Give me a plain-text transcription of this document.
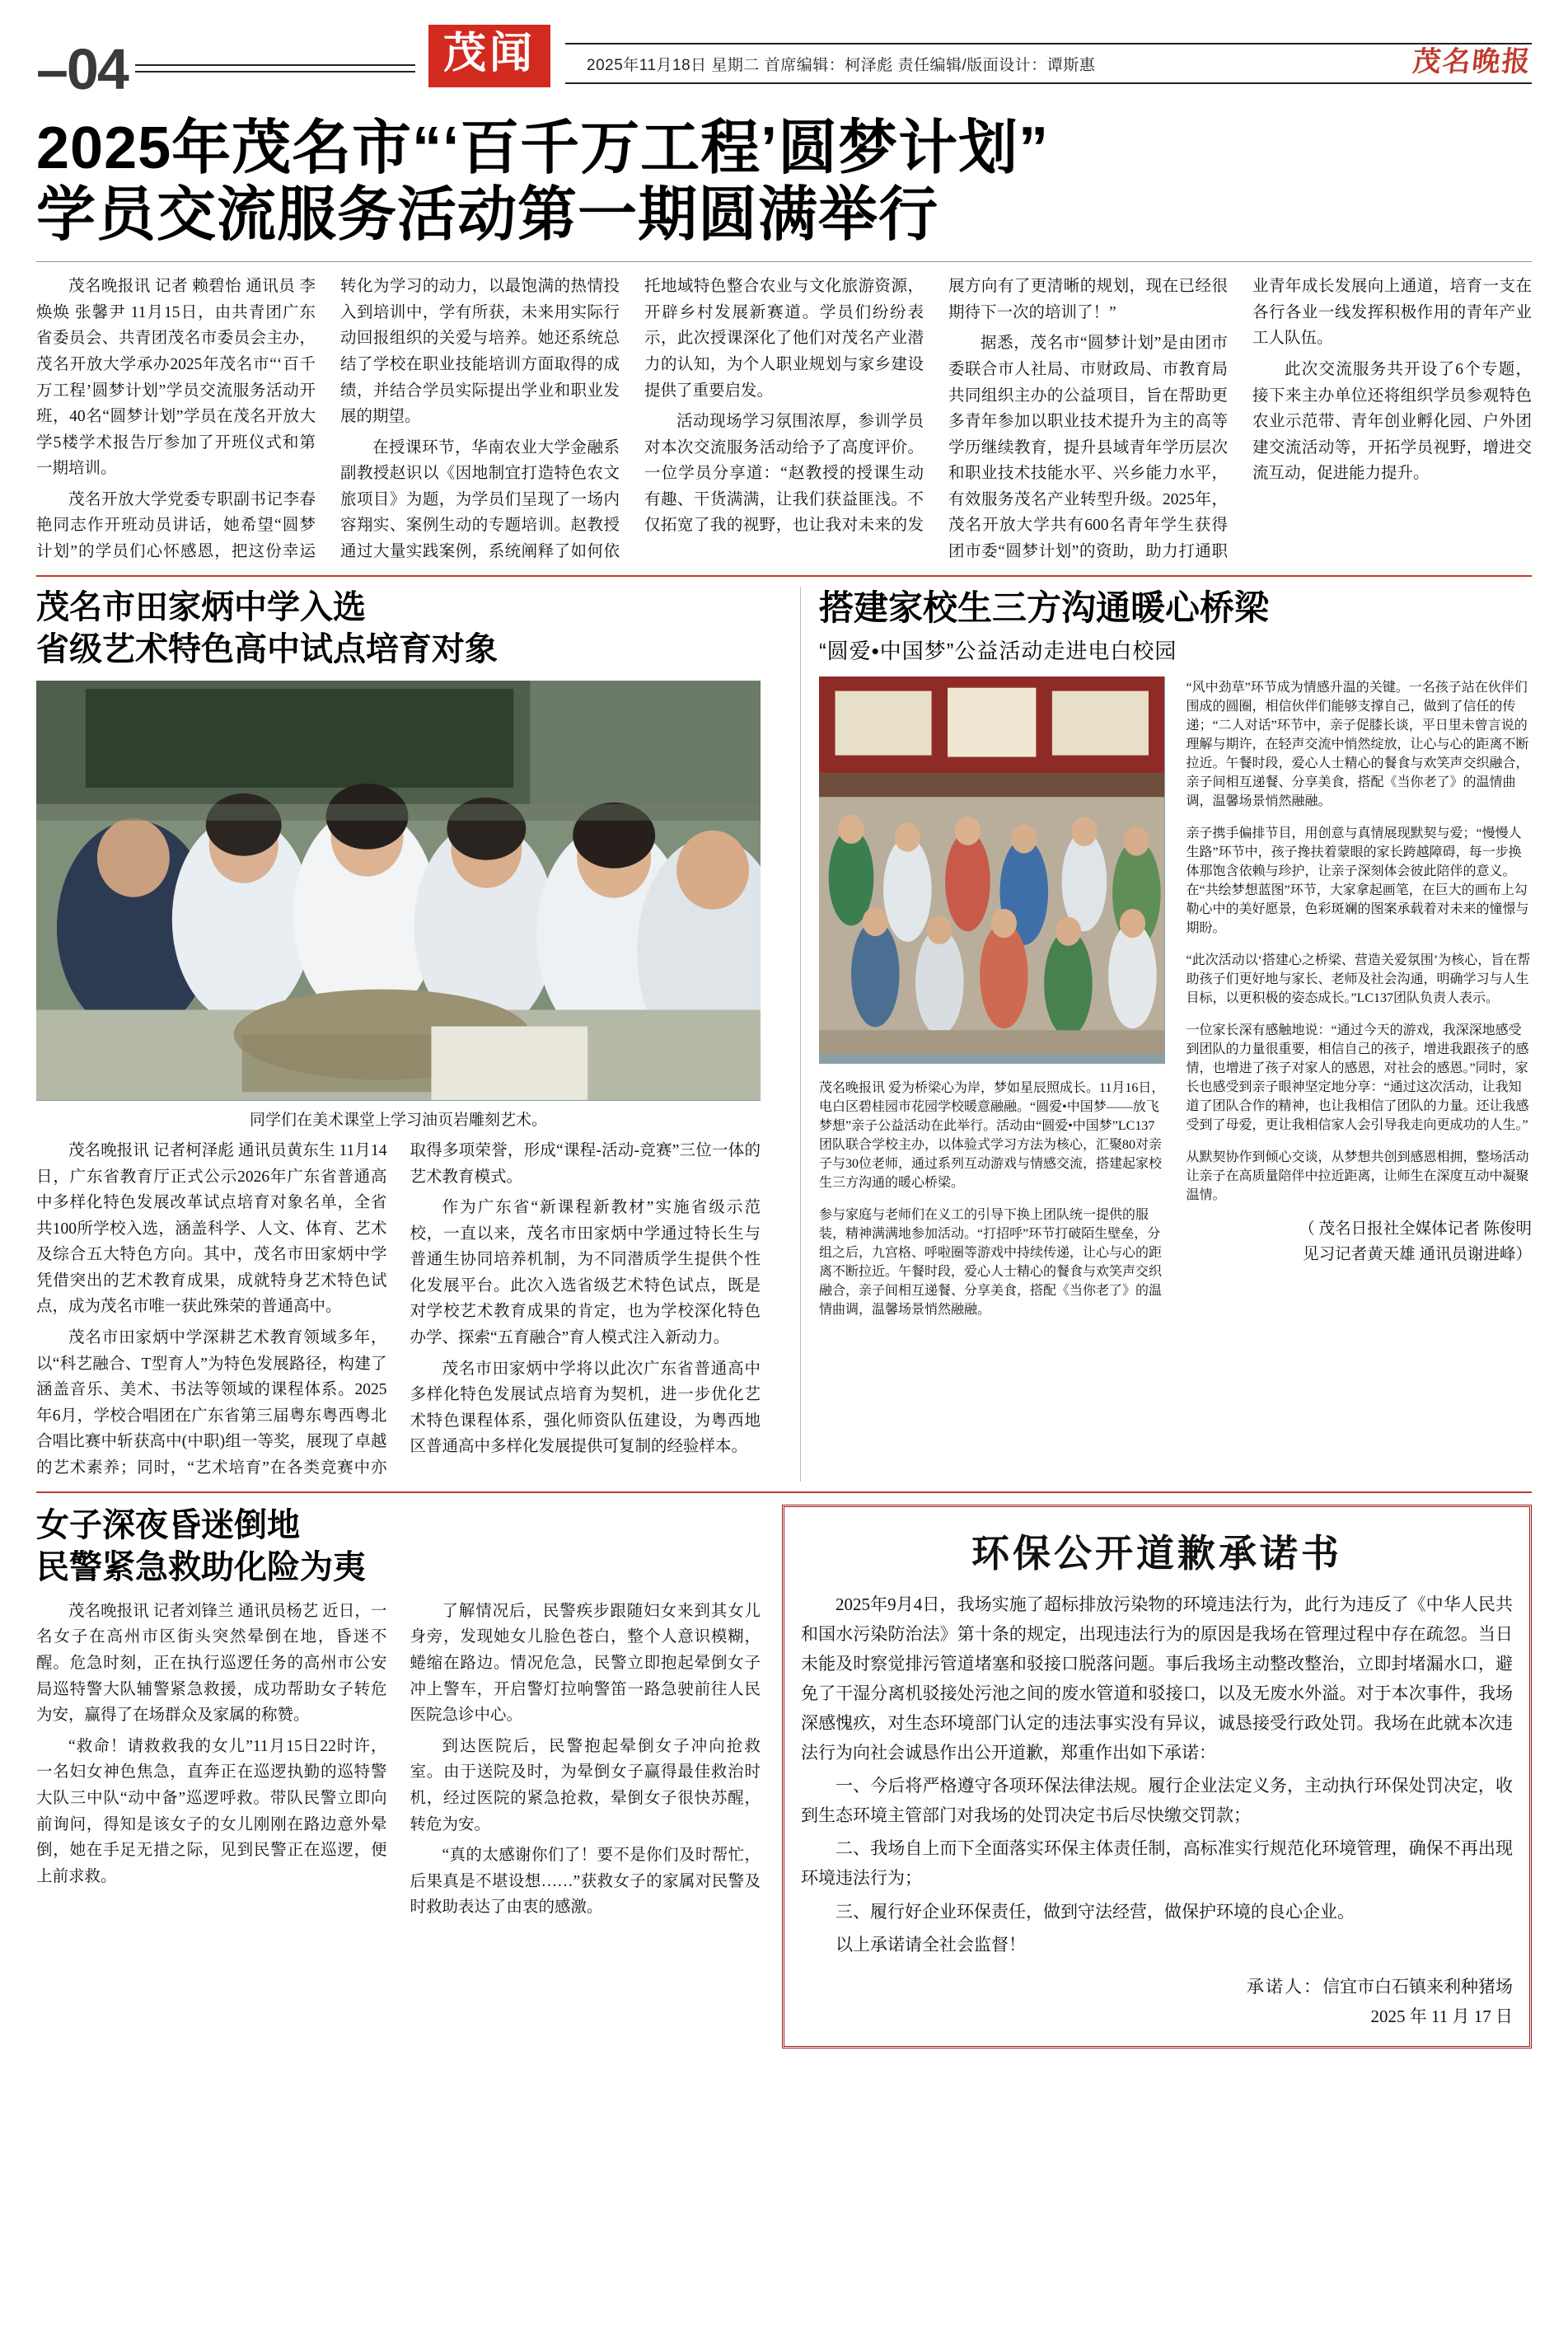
–04	茂闻	2025年11月18日 星期二 首席编辑：柯泽彪 责任编辑/版面设计：谭斯惠	茂名晚报
2025年茂名市“‘百千万工程’圆梦计划”
学员交流服务活动第一期圆满举行

茂名晚报讯 记者 赖碧怡 通讯员 李焕焕 张馨尹 11月15日，由共青团广东省委员会、共青团茂名市委员会主办，茂名开放大学承办2025年茂名市“‘百千万工程’圆梦计划”学员交流服务活动开班，40名“圆梦计划”学员在茂名开放大学5楼学术报告厅参加了开班仪式和第一期培训。

茂名开放大学党委专职副书记李春艳同志作开班动员讲话，她希望“圆梦计划”的学员们心怀感恩，把这份幸运转化为学习的动力，以最饱满的热情投入到培训中，学有所获，未来用实际行动回报组织的关爱与培养。她还系统总结了学校在职业技能培训方面取得的成绩，并结合学员实际提出学业和职业发展的期望。

在授课环节，华南农业大学金融系副教授赵识以《因地制宜打造特色农文旅项目》为题，为学员们呈现了一场内容翔实、案例生动的专题培训。赵教授通过大量实践案例，系统阐释了如何依托地域特色整合农业与文化旅游资源，开辟乡村发展新赛道。学员们纷纷表示，此次授课深化了他们对茂名产业潜力的认知，为个人职业规划与家乡建设提供了重要启发。

活动现场学习氛围浓厚，参训学员对本次交流服务活动给予了高度评价。一位学员分享道：“赵教授的授课生动有趣、干货满满，让我们获益匪浅。不仅拓宽了我的视野，也让我对未来的发展方向有了更清晰的规划，现在已经很期待下一次的培训了！”

据悉，茂名市“圆梦计划”是由团市委联合市人社局、市财政局、市教育局共同组织主办的公益项目，旨在帮助更多青年参加以职业技术提升为主的高等学历继续教育，提升县域青年学历层次和职业技术技能水平、兴乡能力水平，有效服务茂名产业转型升级。2025年，茂名开放大学共有600名青年学生获得团市委“圆梦计划”的资助，助力打通职业青年成长发展向上通道，培育一支在各行各业一线发挥积极作用的青年产业工人队伍。

此次交流服务共开设了6个专题，接下来主办单位还将组织学员参观特色农业示范带、青年创业孵化园、户外团建交流活动等，开拓学员视野，增进交流互动，促进能力提升。

茂名市田家炳中学入选
省级艺术特色高中试点培育对象
同学们在美术课堂上学习油页岩雕刻艺术。

茂名晚报讯 记者柯泽彪 通讯员黄东生 11月14日，广东省教育厅正式公示2026年广东省普通高中多样化特色发展改革试点培育对象名单，全省共100所学校入选，涵盖科学、人文、体育、艺术及综合五大特色方向。其中，茂名市田家炳中学凭借突出的艺术教育成果，成就特身艺术特色试点，成为茂名市唯一获此殊荣的普通高中。

茂名市田家炳中学深耕艺术教育领域多年，以“科艺融合、T型育人”为特色发展路径，构建了涵盖音乐、美术、书法等领域的课程体系。2025年6月，学校合唱团在广东省第三届粤东粤西粤北合唱比赛中斩获高中(中职)组一等奖，展现了卓越的艺术素养；同时，“艺术培育”在各类竞赛中亦取得多项荣誉，形成“课程-活动-竞赛”三位一体的艺术教育模式。

作为广东省“新课程新教材”实施省级示范校，一直以来，茂名市田家炳中学通过特长生与普通生协同培养机制，为不同潜质学生提供个性化发展平台。此次入选省级艺术特色试点，既是对学校艺术教育成果的肯定，也为学校深化特色办学、探索“五育融合”育人模式注入新动力。

茂名市田家炳中学将以此次广东省普通高中多样化特色发展试点培育为契机，进一步优化艺术特色课程体系，强化师资队伍建设，为粤西地区普通高中多样化发展提供可复制的经验样本。

搭建家校生三方沟通暖心桥梁
“圆爱•中国梦”公益活动走进电白校园

茂名晚报讯 爱为桥梁心为岸，梦如星辰照成长。11月16日，电白区碧桂园市花园学校暖意融融。“圆爱•中国梦——放飞梦想”亲子公益活动在此举行。活动由“圆爱•中国梦”LC137团队联合学校主办，以体验式学习方法为核心，汇聚80对亲子与30位老师，通过系列互动游戏与情感交流，搭建起家校生三方沟通的暖心桥梁。

参与家庭与老师们在义工的引导下换上团队统一提供的服装，精神满满地参加活动。“打招呼”环节打破陌生壁垒，分组之后，九宫格、呼啦圈等游戏中持续传递，让心与心的距离不断拉近。午餐时段，爱心人士精心的餐食与欢笑声交织融合，亲子间相互递餐、分享美食，搭配《当你老了》的温情曲调，温馨场景悄然融融。

“风中劲草”环节成为情感升温的关键。一名孩子站在伙伴们围成的圆圈，相信伙伴们能够支撑自己，做到了信任的传递；“二人对话”环节中，亲子促膝长谈，平日里未曾言说的理解与期许，在轻声交流中悄然绽放，让心与心的距离不断拉近。午餐时段，爱心人士精心的餐食与欢笑声交织融合，亲子间相互递餐、分享美食，搭配《当你老了》的温情曲调，温馨场景悄然融融。

亲子携手偏排节目，用创意与真情展现默契与爱；“慢慢人生路”环节中，孩子搀扶着蒙眼的家长跨越障碍，每一步换体那饱含依赖与珍护，让亲子深刻体会彼此陪伴的意义。在“共绘梦想蓝图”环节，大家拿起画笔，在巨大的画布上勾勒心中的美好愿景，色彩斑斓的图案承载着对未来的憧憬与期盼。

“此次活动以‘搭建心之桥梁、营造关爱氛围’为核心，旨在帮助孩子们更好地与家长、老师及社会沟通，明确学习与人生目标，以更积极的姿态成长。”LC137团队负责人表示。

一位家长深有感触地说：“通过今天的游戏，我深深地感受到团队的力量很重要，相信自己的孩子，增进我跟孩子的感情，也增进了孩子对家人的感恩，对社会的感恩。”同时，家长也感受到亲子眼神坚定地分享：“通过这次活动，让我知道了团队合作的精神，也让我相信了团队的力量。还让我感受到了母爱，更让我相信家人会引导我走向更成功的人生。”

从默契协作到倾心交谈，从梦想共创到感恩相拥，整场活动让亲子在高质量陪伴中拉近距离，让师生在深度互动中凝聚温情。

（ 茂名日报社全媒体记者 陈俊明
见习记者黄天雄 通讯员谢进峰）
女子深夜昏迷倒地
民警紧急救助化险为夷

茂名晚报讯 记者刘锋兰 通讯员杨艺 近日，一名女子在高州市区街头突然晕倒在地，昏迷不醒。危急时刻，正在执行巡逻任务的高州市公安局巡特警大队辅警紧急救援，成功帮助女子转危为安，赢得了在场群众及家属的称赞。

“救命！请救救我的女儿”11月15日22时许，一名妇女神色焦急，直奔正在巡逻执勤的巡特警大队三中队“动中备”巡逻呼救。带队民警立即向前询问，得知是该女子的女儿刚刚在路边意外晕倒，她在手足无措之际，见到民警正在巡逻，便上前求救。

了解情况后，民警疾步跟随妇女来到其女儿身旁，发现她女儿脸色苍白，整个人意识模糊，蜷缩在路边。情况危急，民警立即抱起晕倒女子冲上警车，开启警灯拉响警笛一路急驶前往人民医院急诊中心。

到达医院后，民警抱起晕倒女子冲向抢救室。由于送院及时，为晕倒女子赢得最佳救治时机，经过医院的紧急抢救，晕倒女子很快苏醒，转危为安。

“真的太感谢你们了！要不是你们及时帮忙，后果真是不堪设想……”获救女子的家属对民警及时救助表达了由衷的感激。

环保公开道歉承诺书

2025年9月4日，我场实施了超标排放污染物的环境违法行为，此行为违反了《中华人民共和国水污染防治法》第十条的规定，出现违法行为的原因是我场在管理过程中存在疏忽。当日未能及时察觉排污管道堵塞和驳接口脱落问题。事后我场主动整改整治，立即封堵漏水口，避免了干湿分离机驳接处污池之间的废水管道和驳接口，以及无废水外溢。对于本次事件，我场深感愧疚，对生态环境部门认定的违法事实没有异议，诚恳接受行政处罚。我场在此就本次违法行为向社会诚恳作出公开道歉，郑重作出如下承诺：

一、今后将严格遵守各项环保法律法规。履行企业法定义务，主动执行环保处罚决定，收到生态环境主管部门对我场的处罚决定书后尽快缴交罚款；

二、我场自上而下全面落实环保主体责任制，高标准实行规范化环境管理，确保不再出现环境违法行为；

三、履行好企业环保责任，做到守法经营，做保护环境的良心企业。

以上承诺请全社会监督！

承诺人：信宜市白石镇来利种猪场
2025 年 11 月 17 日
